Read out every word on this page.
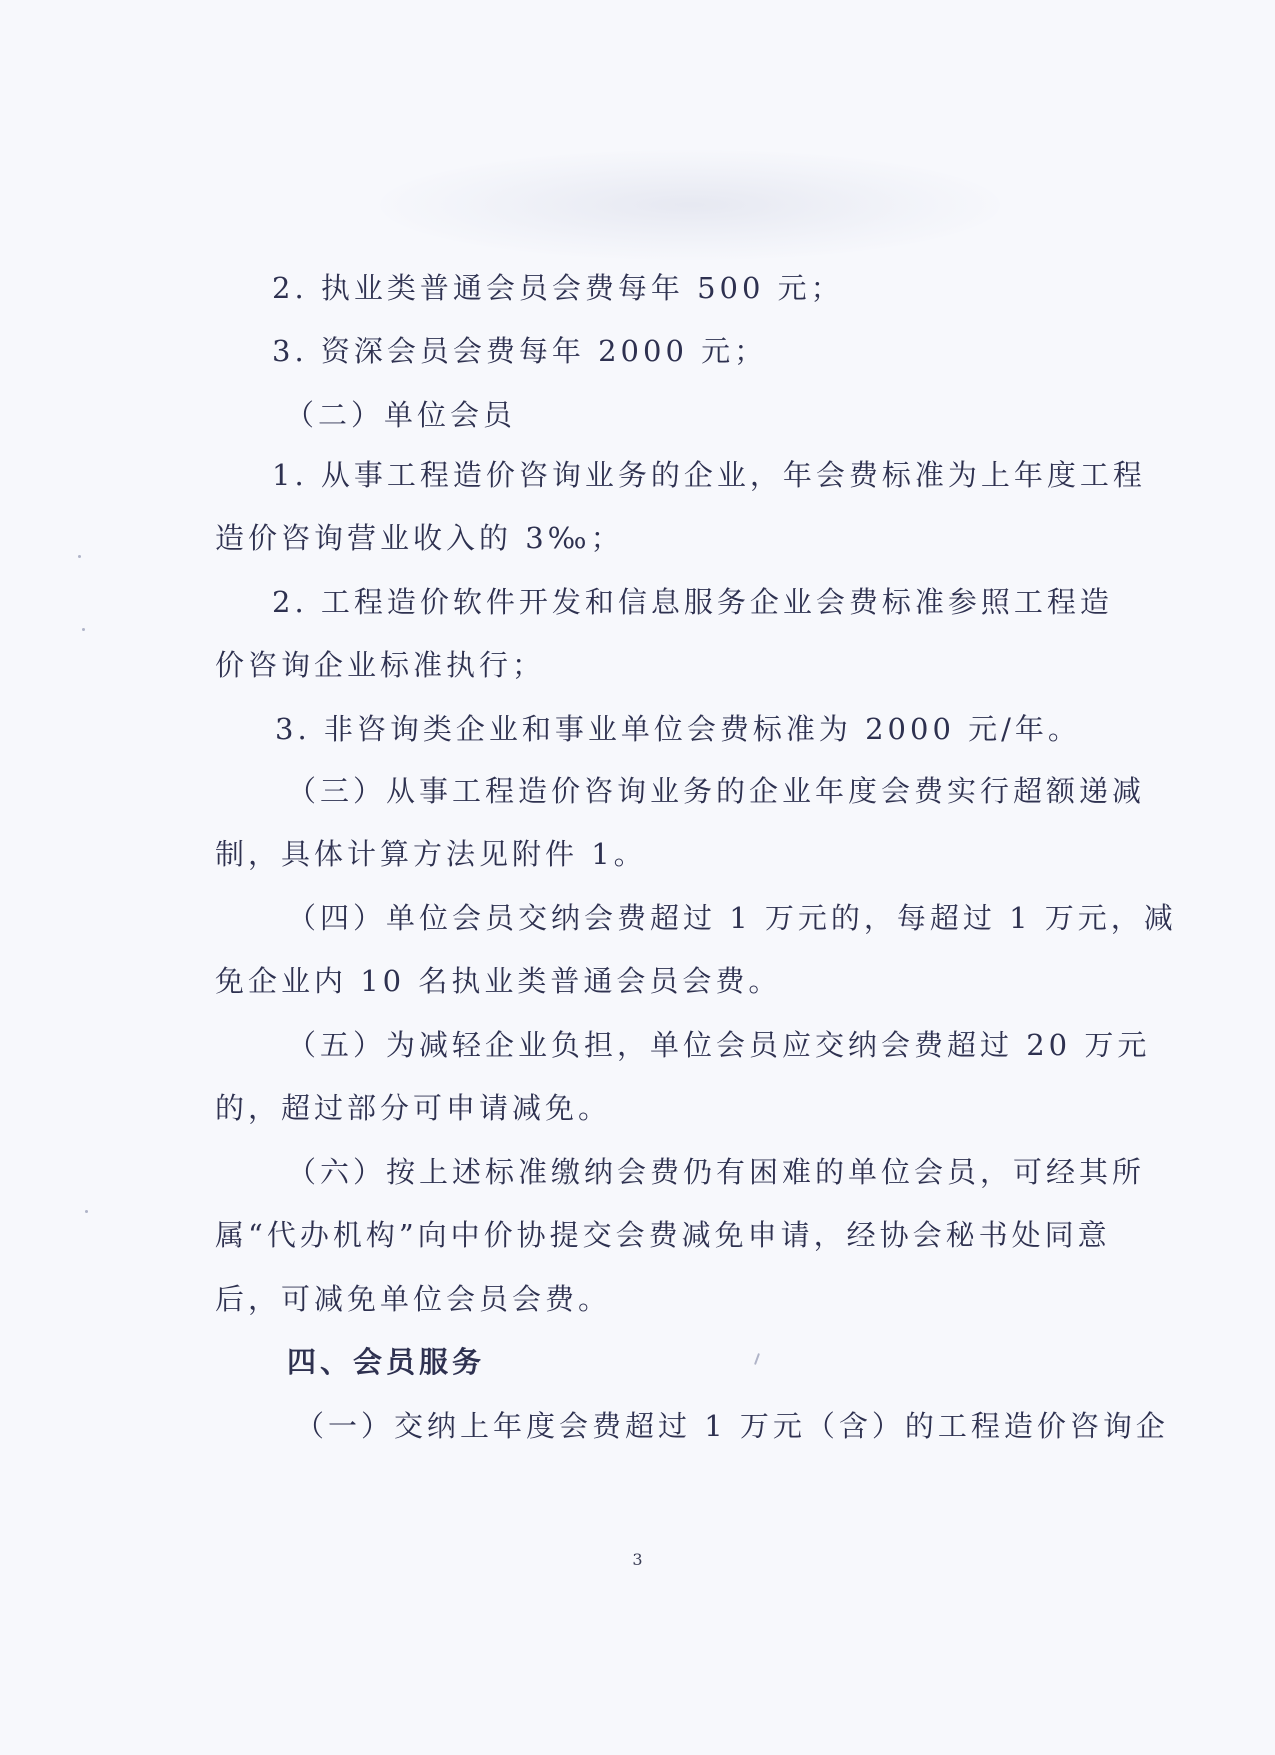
2. 执业类普通会员会费每年 500 元；

3. 资深会员会费每年 2000 元；

（二）单位会员

1. 从事工程造价咨询业务的企业，年会费标准为上年度工程

造价咨询营业收入的 3‰；

2. 工程造价软件开发和信息服务企业会费标准参照工程造

价咨询企业标准执行；

3. 非咨询类企业和事业单位会费标准为 2000 元/年。

（三）从事工程造价咨询业务的企业年度会费实行超额递减

制，具体计算方法见附件 1。

（四）单位会员交纳会费超过 1 万元的，每超过 1 万元，减

免企业内 10 名执业类普通会员会费。

（五）为减轻企业负担，单位会员应交纳会费超过 20 万元

的，超过部分可申请减免。

（六）按上述标准缴纳会费仍有困难的单位会员，可经其所

属“代办机构”向中价协提交会费减免申请，经协会秘书处同意

后，可减免单位会员会费。

四、会员服务

（一）交纳上年度会费超过 1 万元（含）的工程造价咨询企

3
